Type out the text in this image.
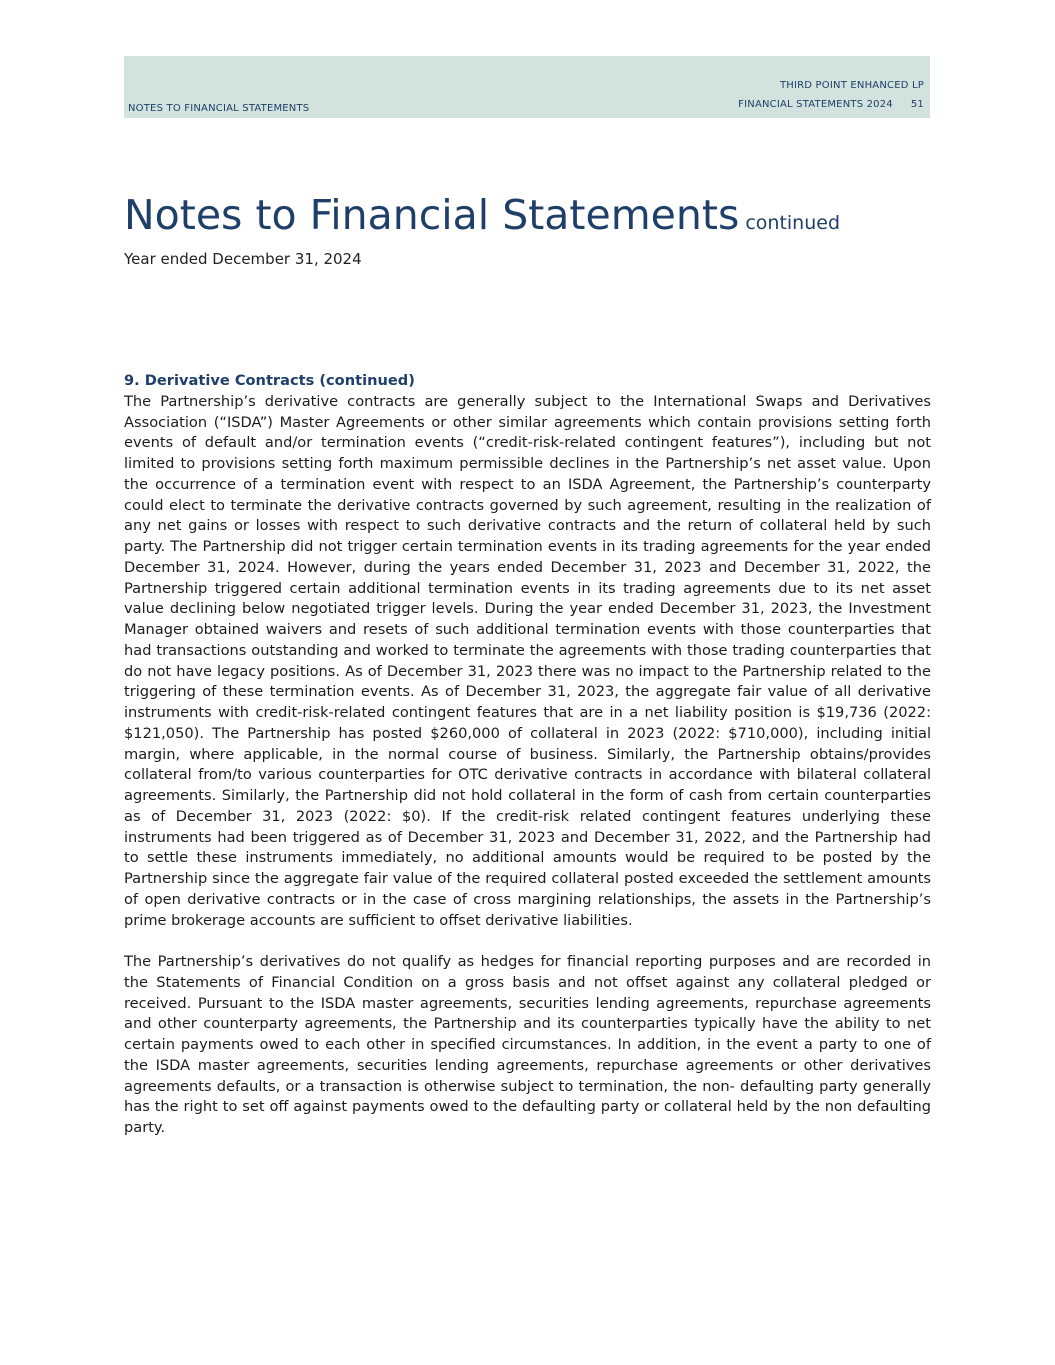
NOTES TO FINANCIAL STATEMENTS
THIRD POINT ENHANCED LP
FINANCIAL STATEMENTS 2024 51
Notes to Financial Statements continued
Year ended December 31, 2024
9. Derivative Contracts (continued)

The Partnership’s derivative contracts are generally subject to the International Swaps and Derivatives Association (“ISDA”) Master Agreements or other similar agreements which contain provisions setting forth events of default and/or termination events (“credit-risk-related contingent features”), including but not limited to provisions setting forth maximum permissible declines in the Partnership’s net asset value. Upon the occurrence of a termination event with respect to an ISDA Agreement, the Partnership’s counterparty could elect to terminate the derivative contracts governed by such agreement, resulting in the realization of any net gains or losses with respect to such derivative contracts and the return of collateral held by such party. The Partnership did not trigger certain termination events in its trading agreements for the year ended December 31, 2024. However, during the years ended December 31, 2023 and December 31, 2022, the Partnership triggered certain additional termination events in its trading agreements due to its net asset value declining below negotiated trigger levels. During the year ended December 31, 2023, the Investment Manager obtained waivers and resets of such additional termination events with those counterparties that had transactions outstanding and worked to terminate the agreements with those trading counterparties that do not have legacy positions. As of December 31, 2023 there was no impact to the Partnership related to the triggering of these termination events. As of December 31, 2023, the aggregate fair value of all derivative instruments with credit-risk-related contingent features that are in a net liability position is $19,736 (2022: $121,050). The Partnership has posted $260,000 of collateral in 2023 (2022: $710,000), including initial margin, where applicable, in the normal course of business. Similarly, the Partnership obtains/provides collateral from/to various counterparties for OTC derivative contracts in accordance with bilateral collateral agreements. Similarly, the Partnership did not hold collateral in the form of cash from certain counterparties as of December 31, 2023 (2022: $0). If the credit-risk related contingent features underlying these instruments had been triggered as of December 31, 2023 and December 31, 2022, and the Partnership had to settle these instruments immediately, no additional amounts would be required to be posted by the Partnership since the aggregate fair value of the required collateral posted exceeded the settlement amounts of open derivative contracts or in the case of cross margining relationships, the assets in the Partnership’s prime brokerage accounts are sufficient to offset derivative liabilities.

The Partnership’s derivatives do not qualify as hedges for financial reporting purposes and are recorded in the Statements of Financial Condition on a gross basis and not offset against any collateral pledged or received. Pursuant to the ISDA master agreements, securities lending agreements, repurchase agreements and other counterparty agreements, the Partnership and its counterparties typically have the ability to net certain payments owed to each other in specified circumstances. In addition, in the event a party to one of the ISDA master agreements, securities lending agreements, repurchase agreements or other derivatives agreements defaults, or a transaction is otherwise subject to termination, the non- defaulting party generally has the right to set off against payments owed to the defaulting party or collateral held by the non defaulting party.
